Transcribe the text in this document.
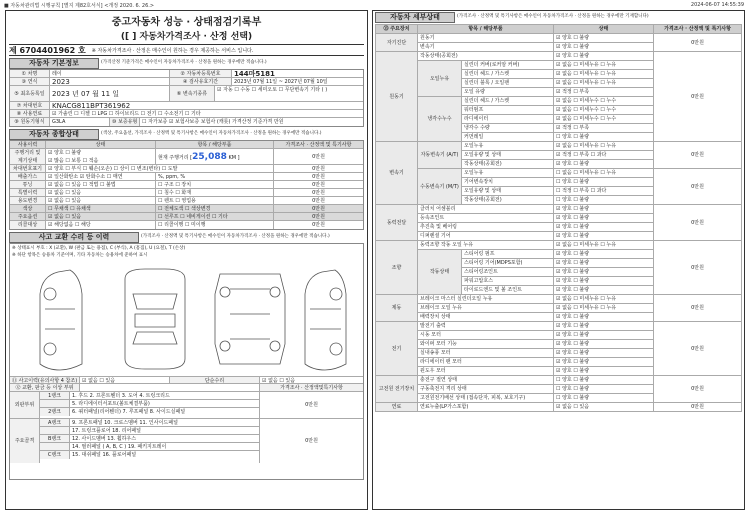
■ 자동차관리법 시행규칙 [별지 제82호서식] <개정 2020. 6. 26.>	2024-06-07 14:55:39
중고자동차 성능 · 상태점검기록부
([ ] 자동차가격조사 · 산정 선택)
제 6704401962 호 ※ 자동차가격조사 · 산정은 매수인이 원하는 경우 제공하는 서비스 입니다.
자동차 기본정보	(가격산정 기준가격은 매수인이 자동차가격조사 · 산정을 원하는 경우에만 적습니다.)
① 차명	레이	② 자동차등록번호	144마5181
③ 연식	2023	④ 검사유효기간	2023년 07월 11일 ~ 2027년 07월 10일
⑤ 최초등록일	2023 년 07 월 11 일	⑥ 변속기종류
☑ 자동 ☐ 수동 ☐ 세미오토 ☐ 무단변속기 기타 ( )
⑦ 차대번호	KNACG811BPT361962
⑧ 사용연료	☑ 가솔린 ☐ 디젤 ☐ LPG ☐ 하이브리드 ☐ 전기 ☐ 수소전기 ☐ 기타
⑨ 원동기형식	G3LA	⑩ 보증유형 ☐ 자가보증 ☑ 보험사보증 보험사 (캐롯) 가격산정 기준가격 만원
자동차 종합상태	(색상, 주요옵션, 가격조사 · 산정액 및 특기사항은 매수인이 자동차가격조사 · 산정을 원하는 경우에만 적습니다.)
사용이력	상태	항목 / 해당부품	가격조사 · 산정액 및 특기사항
주행거리 및 계기상태
☑ 양호 ☐ 불량
☑ 많음 ☐ 보통 ☐ 적음	현재 주행거리 [25,088 KM ]	0만원
차대번호표기	☑ 양호 ☐ 부식 ☐ 훼손(오손) ☐ 상이 ☐ 변조(변타) ☐ 도말	0만원
배출가스	☑ 일산화탄소 ☑ 탄화수소 ☐ 매연	%, ppm, %	0만원
튜닝	☑ 없음 ☐ 있음 ☐ 적법 ☐ 불법	☐ 구조 ☐ 장치	0만원
특별이력	☑ 없음 ☐ 있음	☐ 침수 ☐ 화재	0만원
용도변경	☑ 없음 ☐ 있음	☐ 렌트 ☐ 영업용	0만원
색상	☐ 무채색 ☐ 유채색	☐ 전체도색 ☐ 색상변경	0만원
주요옵션	☑ 없음 ☐ 있음	☐ 선루프 ☐ 네비게이션 ☐ 기타	0만원
리콜대상	☑ 해당없음 ☐ 해당	☐ 리콜이행 ☐ 미이행	0만원
사고 교환 수리 등 이력	(가격조사 · 산정액 및 특기사항은 매수인이 자동차가격조사 · 산정을 원하는 경우에만 적습니다.)
※ 상태표시 부호 : X (교환), W (판금 또는 용접), C (부식), A (흠집), U (요철), T (손상)
※ 하단 항목은 승용차 기준이며, 기타 자동차는 승용차에 준하여 표시
⑪ 사고이력(유의사항 4 참조) ☑ 없음 ☐ 있음	단순수리	☑ 없음 ☐ 있음
⑫ 교환, 판금 등 이상 부위	가격조사 · 산정액및특기사항
외판부위
1랭크	1. 후드 2. 프론트휀더 3. 도어 4. 트렁크리드
5. 라디에이터서포트(볼트체결부품)
2랭크	6. 쿼터패널(리어휀더) 7. 루프패널 8. 사이드실패널
0만원
주요골격
A랭크	9. 프론트패널 10. 크로스멤버 11. 인사이드패널
17. 트렁크플로어 18. 리어패널
B랭크	12. 사이드멤버 13. 휠하우스
14. 필러패널 ( A, B, C ) 19. 패키지트레이
C랭크	15. 대쉬패널 16. 플로어패널
0만원
자동차 세부상태	(가격조사 · 산정액 및 특기사항은 매수인이 자동차가격조사 · 산정을 원하는 경우에만 기재합니다)
⑬ 주요장치	항목 / 해당부품		상태	가격조사 · 산정액 및 특기사항
자기진단	원동기		☑ 양호 ☐ 불량	0만원
	변속기		☑ 양호 ☐ 불량	
원동기	작동상태(공회전)		☑ 양호 ☐ 불량	0만원
	오일누유	실린더 커버(로커암 커버)	☑ 없음 ☐ 미세누유 ☐ 누유	
		실린더 헤드 / 가스켓	☑ 없음 ☐ 미세누유 ☐ 누유	
		실린더 블록 / 오일팬	☑ 없음 ☐ 미세누유 ☐ 누유	
		오일 유량	☑ 적정 ☐ 부족	
	냉각수누수	실린더 헤드 / 가스켓	☑ 없음 ☐ 미세누수 ☐ 누수	
		워터펌프	☑ 없음 ☐ 미세누수 ☐ 누수	
		라디에이터	☑ 없음 ☐ 미세누수 ☐ 누수	
		냉각수 수량	☑ 적정 ☐ 부족	
		커먼레일	☐ 양호 ☐ 불량	
변속기	자동변속기 (A/T)	오일누유	☑ 없음 ☐ 미세누유 ☐ 누유	0만원
		오일유량 및 상태	☑ 적정 ☐ 부족 ☐ 과다	
		작동상태(공회전)	☑ 양호 ☐ 불량	
	수동변속기 (M/T)	오일누유	☐ 없음 ☐ 미세누유 ☐ 누유	0만원
		기어변속장치	☐ 양호 ☐ 불량	
		오일유량 및 상태	☐ 적정 ☐ 부족 ☐ 과다	
		작동상태(공회전)	☐ 양호 ☐ 불량	
동력전달	클러치 어셈블리		☑ 양호 ☐ 불량	0만원
	등속조인트		☑ 양호 ☐ 불량	
	추진축 및 베어링		☑ 양호 ☐ 불량	
	디퍼렌셜 기어		☑ 양호 ☐ 불량	
조향	동력조향 작동 오일 누유		☑ 없음 ☐ 미세누유 ☐ 누유	0만원
	작동상태	스티어링 펌프	☑ 양호 ☐ 불량	
		스티어링 기어(MDPS포함)	☑ 양호 ☐ 불량	
		스티어링조인트	☑ 양호 ☐ 불량	
		파워고압호스	☑ 양호 ☐ 불량	
		타이로드엔드 및 볼 조인트	☑ 양호 ☐ 불량	
제동	브레이크 마스터 실린더오일 누유		☑ 없음 ☐ 미세누유 ☐ 누유	0만원
	브레이크 오일 누유		☑ 없음 ☐ 미세누유 ☐ 누유	
	배력장치 상태		☑ 양호 ☐ 불량	
전기	발전기 출력		☑ 양호 ☐ 불량	0만원
	시동 모터		☑ 양호 ☐ 불량	
	와이퍼 모터 기능		☑ 양호 ☐ 불량	
	실내송풍 모터		☑ 양호 ☐ 불량	
	라디에이터 팬 모터		☑ 양호 ☐ 불량	
	윈도우 모터		☑ 양호 ☐ 불량	
고전원 전기장치	충전구 절연 상태		☐ 양호 ☐ 불량	0만원
	구동축전지 격리 상태		☐ 양호 ☐ 불량	
	고전원전기배선 상태 (접속단자, 피복, 보호기구)		☐ 양호 ☐ 불량	
연료	연료누출(LP가스포함)		☑ 없음 ☐ 있음	0만원
